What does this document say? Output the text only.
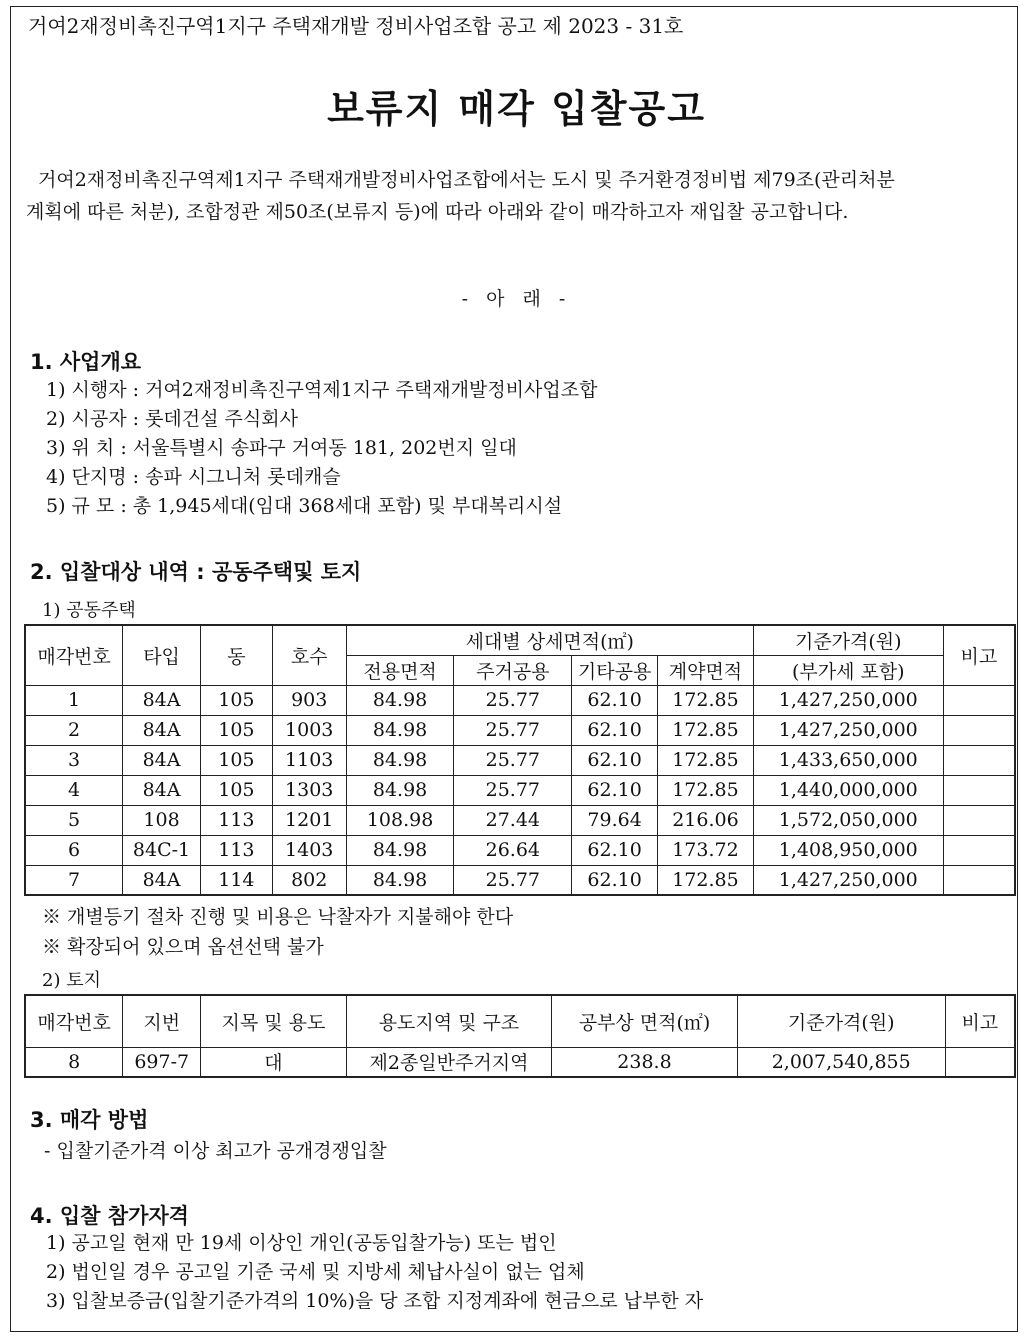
거여2재정비촉진구역1지구 주택재개발 정비사업조합 공고 제 2023 - 31호
보류지 매각 입찰공고

거여2재정비촉진구역제1지구 주택재개발정비사업조합에서는 도시 및 주거환경정비법 제79조(관리처분

계획에 따른 처분), 조합정관 제50조(보류지 등)에 따라 아래와 같이 매각하고자 재입찰 공고합니다.

- 아 래 -
1. 사업개요
1) 시행자 : 거여2재정비촉진구역제1지구 주택재개발정비사업조합
2) 시공자 : 롯데건설 주식회사
3) 위 치 : 서울특별시 송파구 거여동 181, 202번지 일대
4) 단지명 : 송파 시그니처 롯데캐슬
5) 규 모 : 총 1,945세대(임대 368세대 포함) 및 부대복리시설
2. 입찰대상 내역 : 공동주택및 토지
1) 공동주택
매각번호	타입	동	호수	세대별 상세면적(㎡)				기준가격(원)	비고
				전용면적	주거공용	기타공용	계약면적	(부가세 포함)	
1	84A	105	903	84.98	25.77	62.10	172.85	1,427,250,000	
2	84A	105	1003	84.98	25.77	62.10	172.85	1,427,250,000	
3	84A	105	1103	84.98	25.77	62.10	172.85	1,433,650,000	
4	84A	105	1303	84.98	25.77	62.10	172.85	1,440,000,000	
5	108	113	1201	108.98	27.44	79.64	216.06	1,572,050,000	
6	84C-1	113	1403	84.98	26.64	62.10	173.72	1,408,950,000	
7	84A	114	802	84.98	25.77	62.10	172.85	1,427,250,000	
※ 개별등기 절차 진행 및 비용은 낙찰자가 지불해야 한다
※ 확장되어 있으며 옵션선택 불가
2) 토지
매각번호	지번	지목 및 용도	용도지역 및 구조	공부상 면적(㎡)	기준가격(원)	비고
8	697-7	대	제2종일반주거지역	238.8	2,007,540,855	
3. 매각 방법
- 입찰기준가격 이상 최고가 공개경쟁입찰
4. 입찰 참가자격
1) 공고일 현재 만 19세 이상인 개인(공동입찰가능) 또는 법인
2) 법인일 경우 공고일 기준 국세 및 지방세 체납사실이 없는 업체
3) 입찰보증금(입찰기준가격의 10%)을 당 조합 지정계좌에 현금으로 납부한 자
